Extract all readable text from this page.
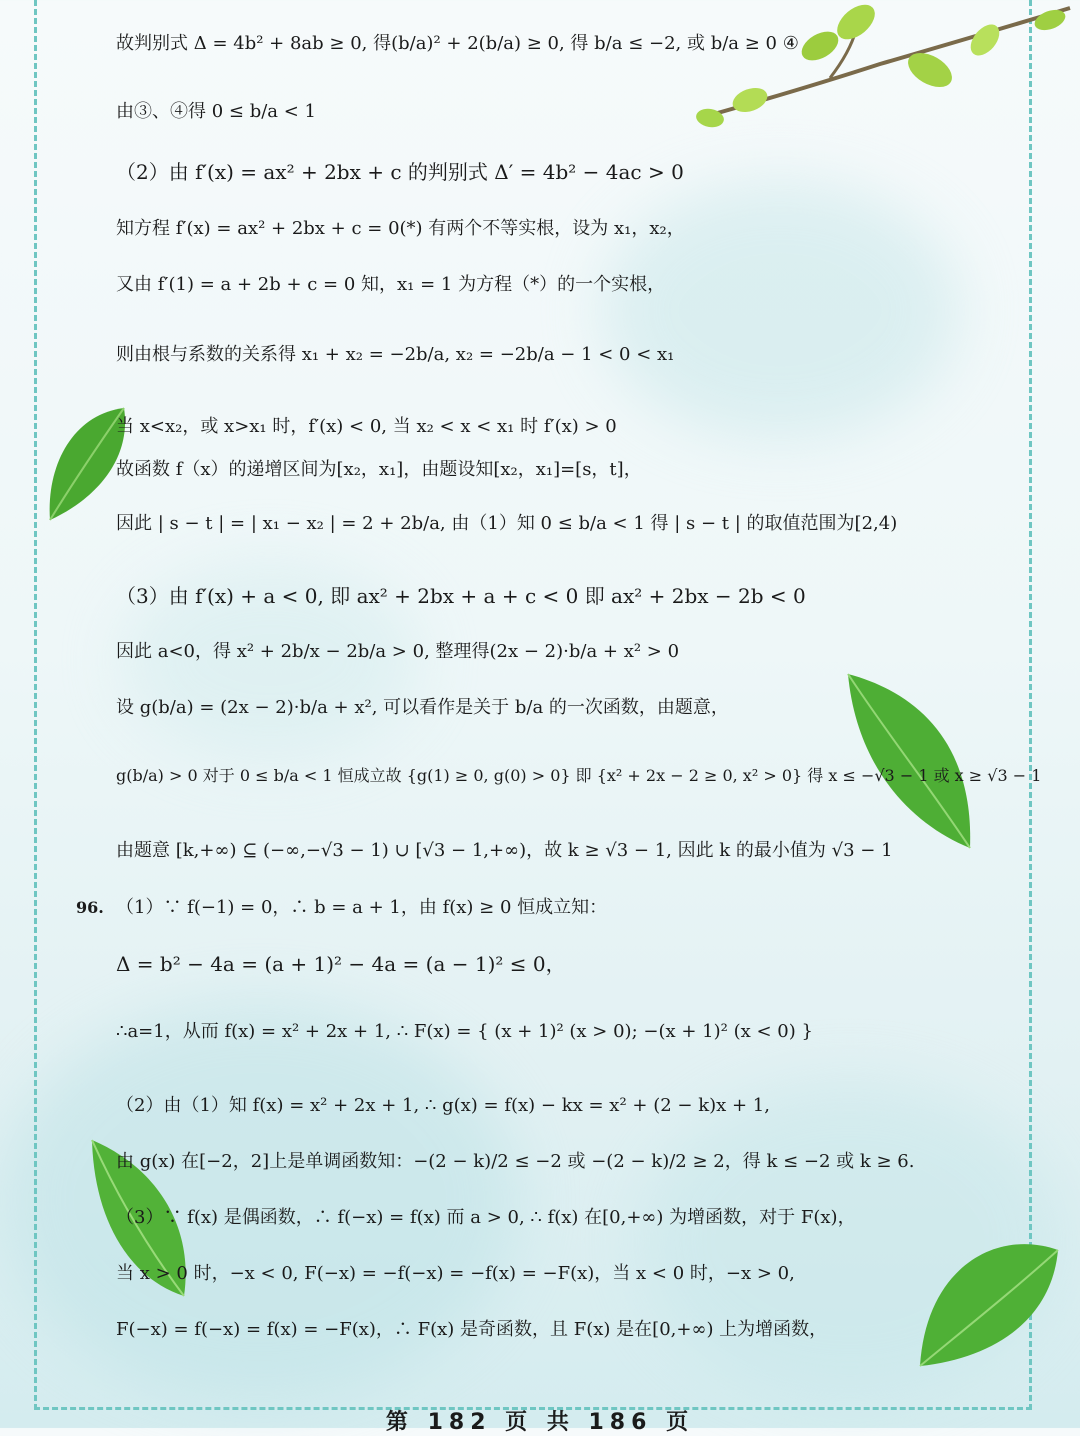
故判别式 Δ = 4b² + 8ab ≥ 0, 得(b/a)² + 2(b/a) ≥ 0, 得 b/a ≤ −2, 或 b/a ≥ 0 ④
由③、④得 0 ≤ b/a < 1
（2）由 f′(x) = ax² + 2bx + c 的判别式 Δ′ = 4b² − 4ac > 0
知方程 f′(x) = ax² + 2bx + c = 0(*) 有两个不等实根，设为 x₁，x₂，
又由 f′(1) = a + 2b + c = 0 知，x₁ = 1 为方程（*）的一个实根，
则由根与系数的关系得 x₁ + x₂ = −2b/a, x₂ = −2b/a − 1 < 0 < x₁
当 x<x₂，或 x>x₁ 时，f′(x) < 0, 当 x₂ < x < x₁ 时 f′(x) > 0
故函数 f（x）的递增区间为[x₂，x₁]，由题设知[x₂，x₁]=[s，t]，
因此 | s − t | = | x₁ − x₂ | = 2 + 2b/a, 由（1）知 0 ≤ b/a < 1 得 | s − t | 的取值范围为[2,4)
（3）由 f′(x) + a < 0, 即 ax² + 2bx + a + c < 0 即 ax² + 2bx − 2b < 0
因此 a<0，得 x² + 2b/x − 2b/a > 0, 整理得(2x − 2)·b/a + x² > 0
设 g(b/a) = (2x − 2)·b/a + x², 可以看作是关于 b/a 的一次函数，由题意，
g(b/a) > 0 对于 0 ≤ b/a < 1 恒成立故 {g(1) ≥ 0, g(0) > 0} 即 {x² + 2x − 2 ≥ 0, x² > 0} 得 x ≤ −√3 − 1 或 x ≥ √3 − 1
由题意 [k,+∞) ⊆ (−∞,−√3 − 1) ∪ [√3 − 1,+∞)，故 k ≥ √3 − 1, 因此 k 的最小值为 √3 − 1
96. （1）∵ f(−1) = 0，∴ b = a + 1，由 f(x) ≥ 0 恒成立知：
Δ = b² − 4a = (a + 1)² − 4a = (a − 1)² ≤ 0，
∴a=1，从而 f(x) = x² + 2x + 1, ∴ F(x) = { (x + 1)² (x > 0); −(x + 1)² (x < 0) }
（2）由（1）知 f(x) = x² + 2x + 1, ∴ g(x) = f(x) − kx = x² + (2 − k)x + 1,
由 g(x) 在[−2，2]上是单调函数知：−(2 − k)/2 ≤ −2 或 −(2 − k)/2 ≥ 2，得 k ≤ −2 或 k ≥ 6.
（3）∵ f(x) 是偶函数，∴ f(−x) = f(x) 而 a > 0, ∴ f(x) 在[0,+∞) 为增函数，对于 F(x)，
当 x > 0 时，−x < 0, F(−x) = −f(−x) = −f(x) = −F(x)，当 x < 0 时，−x > 0,
F(−x) = f(−x) = f(x) = −F(x)，∴ F(x) 是奇函数，且 F(x) 是在[0,+∞) 上为增函数，
第 182 页 共 186 页
